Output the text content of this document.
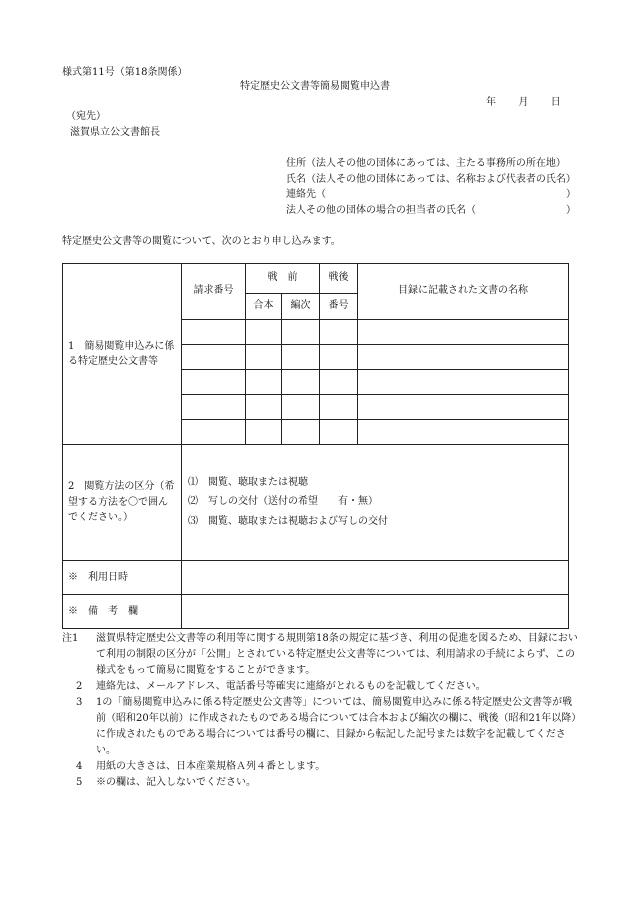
様式第11号（第18条関係）
特定歴史公文書等簡易閲覧申込書
年 月 日
（宛先）
滋賀県立公文書館長
住所（法人その他の団体にあっては、主たる事務所の所在地）
氏名（法人その他の団体にあっては、名称および代表者の氏名）
連絡先（	）
法人その他の団体の場合の担当者の氏名（	）
特定歴史公文書等の閲覧について、次のとおり申し込みます。
1　簡易閲覧申込みに係る特定歴史公文書等	請求番号	戦　前		戦後	目録に記載された文書の名称
		合本	編次	番号	

2　閲覧方法の区分（希望する方法を〇で囲んでください。）	⑴　閲覧、聴取または視聴
⑵　写しの交付（送付の希望　　有・無）
⑶　閲覧、聴取または視聴および写しの交付				

※　利用日時					
※　備　考　欄					
注1 滋賀県特定歴史公文書等の利用等に関する規則第18条の規定に基づき、利用の促進を図るため、目録において利用の制限の区分が「公開」とされている特定歴史公文書等については、利用請求の手続によらず、この様式をもって簡易に閲覧をすることができます。
2 連絡先は、メールアドレス、電話番号等確実に連絡がとれるものを記載してください。
3 1の「簡易閲覧申込みに係る特定歴史公文書等」については、簡易閲覧申込みに係る特定歴史公文書等が戦前（昭和20年以前）に作成されたものである場合については合本および編次の欄に、戦後（昭和21年以降）に作成されたものである場合については番号の欄に、目録から転記した記号または数字を記載してください。
4 用紙の大きさは、日本産業規格Ａ列４番とします。
5 ※の欄は、記入しないでください。
